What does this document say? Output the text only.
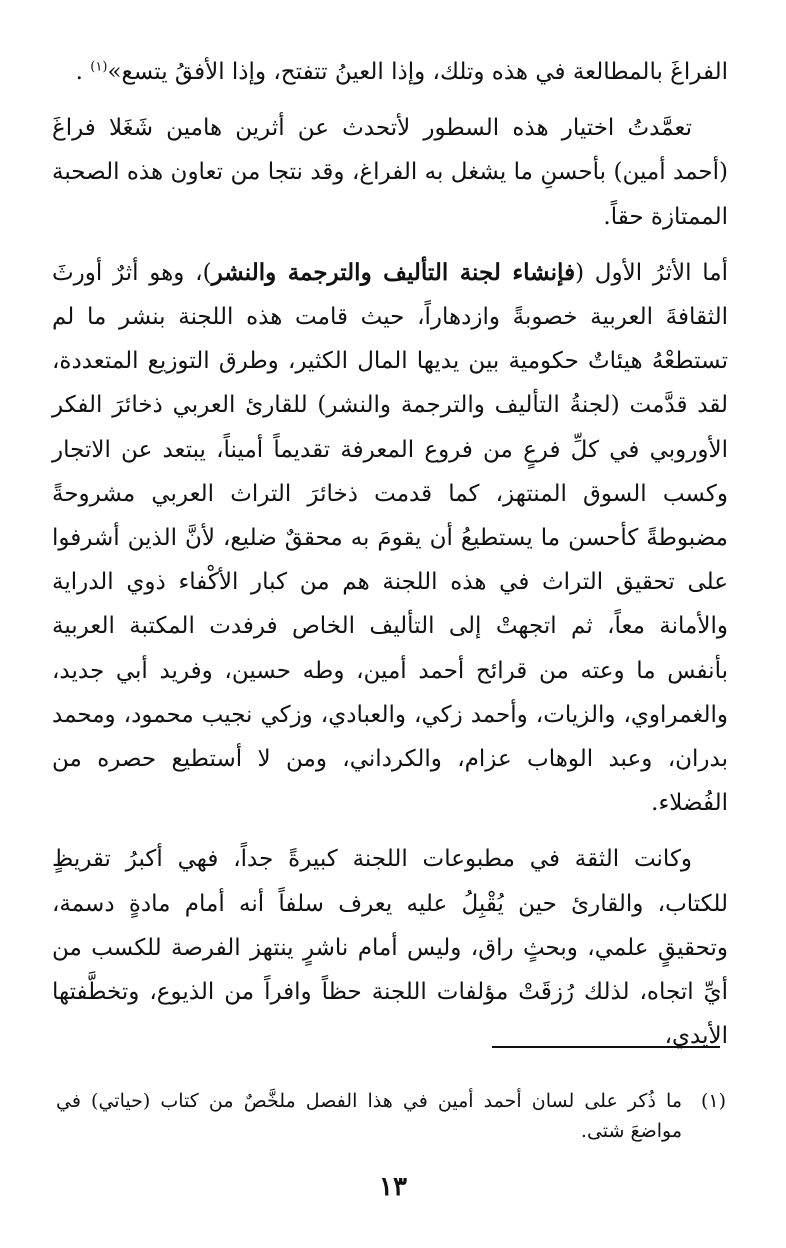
الفراغَ بالمطالعة في هذه وتلك، وإذا العينُ تتفتح، وإذا الأفقُ يتسع»$^{(١)}$ .

تعمَّدتُ اختيار هذه السطور لأتحدث عن أثرين هامين شَغَلا فراغَ (أحمد أمين) بأحسنِ ما يشغل به الفراغ، وقد نتجا من تعاون هذه الصحبة الممتازة حقاً.

أما الأثرُ الأول (فإنشاء لجنة التأليف والترجمة والنشر)، وهو أثرٌ أورثَ الثقافةَ العربية خصوبةً وازدهاراً، حيث قامت هذه اللجنة بنشر ما لم تستطعْهُ هيئاتٌ حكومية بين يديها المال الكثير، وطرق التوزيع المتعددة، لقد قدَّمت (لجنةُ التأليف والترجمة والنشر) للقارئ العربي ذخائرَ الفكر الأوروبي في كلِّ فرعٍ من فروع المعرفة تقديماً أميناً، يبتعد عن الاتجار وكسب السوق المنتهز، كما قدمت ذخائرَ التراث العربي مشروحةً مضبوطةً كأحسن ما يستطيعُ أن يقومَ به محققٌ ضليع، لأنَّ الذين أشرفوا على تحقيق التراث في هذه اللجنة هم من كبار الأكْفاء ذوي الدراية والأمانة معاً، ثم اتجهتْ إلى التأليف الخاص فرفدت المكتبة العربية بأنفس ما وعته من قرائح أحمد أمين، وطه حسين، وفريد أبي جديد، والغمراوي، والزيات، وأحمد زكي، والعبادي، وزكي نجيب محمود، ومحمد بدران، وعبد الوهاب عزام، والكرداني، ومن لا أستطيع حصره من الفُضلاء.

وكانت الثقة في مطبوعات اللجنة كبيرةً جداً، فهي أكبرُ تقريظٍ للكتاب، والقارئ حين يُقْبِلُ عليه يعرف سلفاً أنه أمام مادةٍ دسمة، وتحقيقٍ علمي، وبحثٍ راق، وليس أمام ناشرٍ ينتهز الفرصة للكسب من أيِّ اتجاه، لذلك رُزقَتْ مؤلفات اللجنة حظاً وافراً من الذيوع، وتخطَّفتها الأيدي،

(١)
ما ذُكر على لسان أحمد أمين في هذا الفصل ملخَّصٌ من كتاب (حياتي) في مواضعَ شتى.
١٣
